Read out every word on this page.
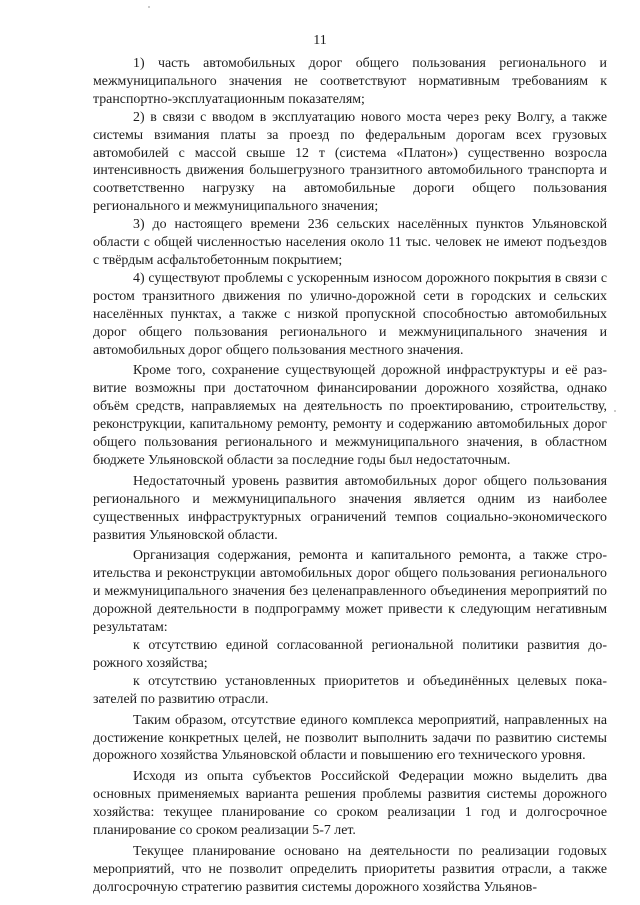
11

1) часть автомобильных дорог общего пользования регионального и межмуниципального значения не соответствуют нормативным требованиям к транспортно-эксплуатационным показателям;

2) в связи с вводом в эксплуатацию нового моста через реку Волгу, а также системы взимания платы за проезд по федеральным дорогам всех грузовых автомобилей с массой свыше 12 т (система «Платон») существенно возросла интенсивность движения большегрузного транзитного автомобильного транспорта и соответственно нагрузку на автомобильные дороги общего пользования регионального и межмуниципального значения;

3) до настоящего времени 236 сельских населённых пунктов Ульяновской области с общей численностью населения около 11 тыс. человек не имеют подъездов с твёрдым асфальтобетонным покрытием;

4) существуют проблемы с ускоренным износом дорожного покрытия в связи с ростом транзитного движения по улично-дорожной сети в городских и сельских населённых пунктах, а также с низкой пропускной способностью автомобильных дорог общего пользования регионального и межмуниципального значения и автомобильных дорог общего пользования местного значения.

Кроме того, сохранение существующей дорожной инфраструктуры и её развитие возможны при достаточном финансировании дорожного хозяйства, однако объём средств, направляемых на деятельность по проектированию, строительству, реконструкции, капитальному ремонту, ремонту и содержанию автомобильных дорог общего пользования регионального и межмуниципального значения, в областном бюджете Ульяновской области за последние годы был недостаточным.

Недостаточный уровень развития автомобильных дорог общего пользования регионального и межмуниципального значения является одним из наиболее существенных инфраструктурных ограничений темпов социально-экономического развития Ульяновской области.

Организация содержания, ремонта и капитального ремонта, а также строительства и реконструкции автомобильных дорог общего пользования регионального и межмуниципального значения без целенаправленного объединения мероприятий по дорожной деятельности в подпрограмму может привести к следующим негативным результатам:

к отсутствию единой согласованной региональной политики развития дорожного хозяйства;

к отсутствию установленных приоритетов и объединённых целевых показателей по развитию отрасли.

Таким образом, отсутствие единого комплекса мероприятий, направленных на достижение конкретных целей, не позволит выполнить задачи по развитию системы дорожного хозяйства Ульяновской области и повышению его технического уровня.

Исходя из опыта субъектов Российской Федерации можно выделить два основных применяемых варианта решения проблемы развития системы дорожного хозяйства: текущее планирование со сроком реализации 1 год и долгосрочное планирование со сроком реализации 5-7 лет.

Текущее планирование основано на деятельности по реализации годовых мероприятий, что не позволит определить приоритеты развития отрасли, а также долгосрочную стратегию развития системы дорожного хозяйства Ульянов-
